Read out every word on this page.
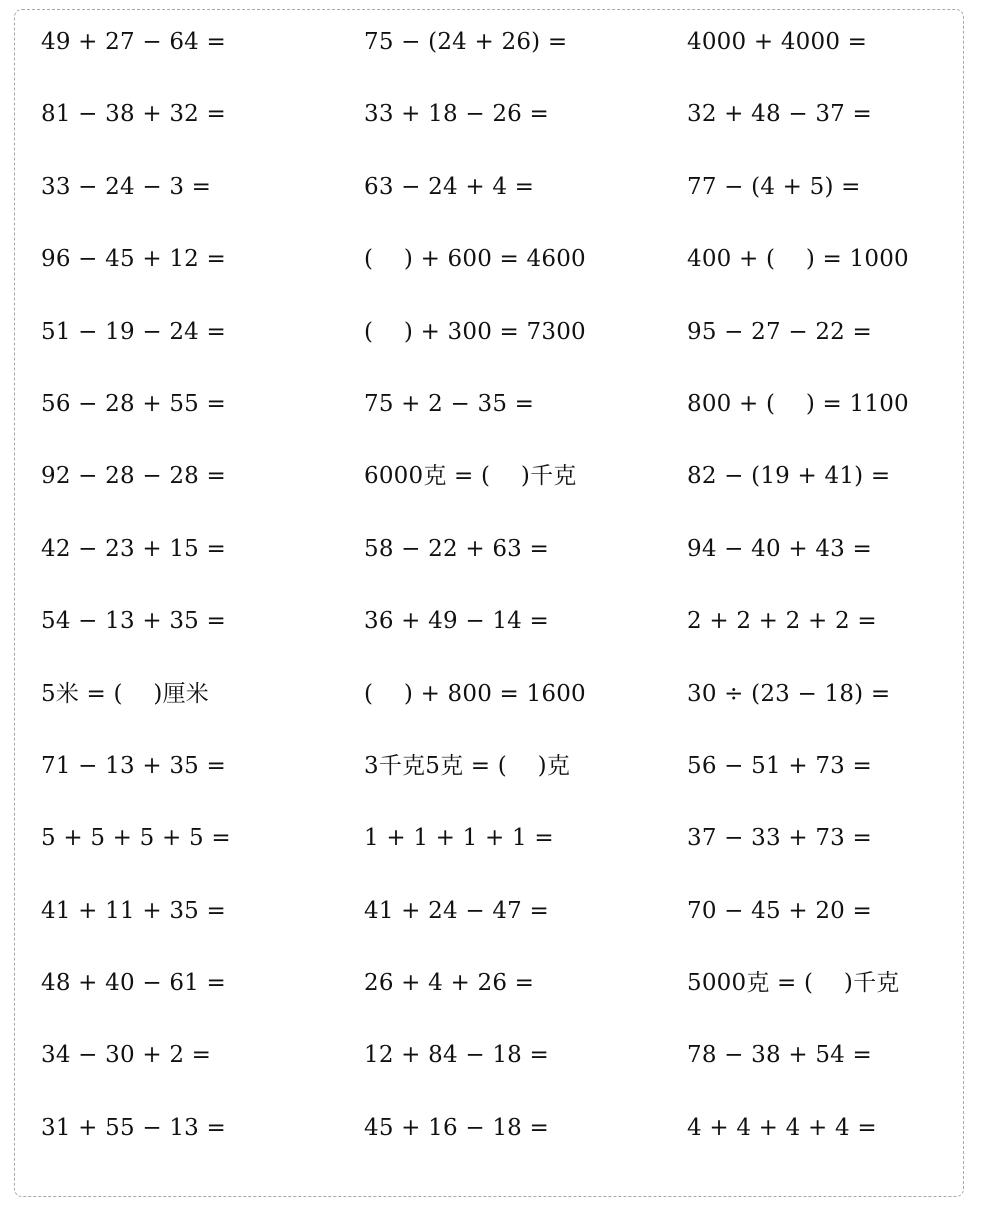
49 + 27 − 64 =	75 − (24 + 26) =	4000 + 4000 =
81 − 38 + 32 =	33 + 18 − 26 =	32 + 48 − 37 =
33 − 24 − 3 =	63 − 24 + 4 =	77 − (4 + 5) =
96 − 45 + 12 =	(　 ) + 600 = 4600	400 + (　 ) = 1000
51 − 19 − 24 =	(　 ) + 300 = 7300	95 − 27 − 22 =
56 − 28 + 55 =	75 + 2 − 35 =	800 + (　 ) = 1100
92 − 28 − 28 =	6000克 = (　 )千克	82 − (19 + 41) =
42 − 23 + 15 =	58 − 22 + 63 =	94 − 40 + 43 =
54 − 13 + 35 =	36 + 49 − 14 =	2 + 2 + 2 + 2 =
5米 = (　 )厘米	(　 ) + 800 = 1600	30 ÷ (23 − 18) =
71 − 13 + 35 =	3千克5克 = (　 )克	56 − 51 + 73 =
5 + 5 + 5 + 5 =	1 + 1 + 1 + 1 =	37 − 33 + 73 =
41 + 11 + 35 =	41 + 24 − 47 =	70 − 45 + 20 =
48 + 40 − 61 =	26 + 4 + 26 =	5000克 = (　 )千克
34 − 30 + 2 =	12 + 84 − 18 =	78 − 38 + 54 =
31 + 55 − 13 =	45 + 16 − 18 =	4 + 4 + 4 + 4 =
